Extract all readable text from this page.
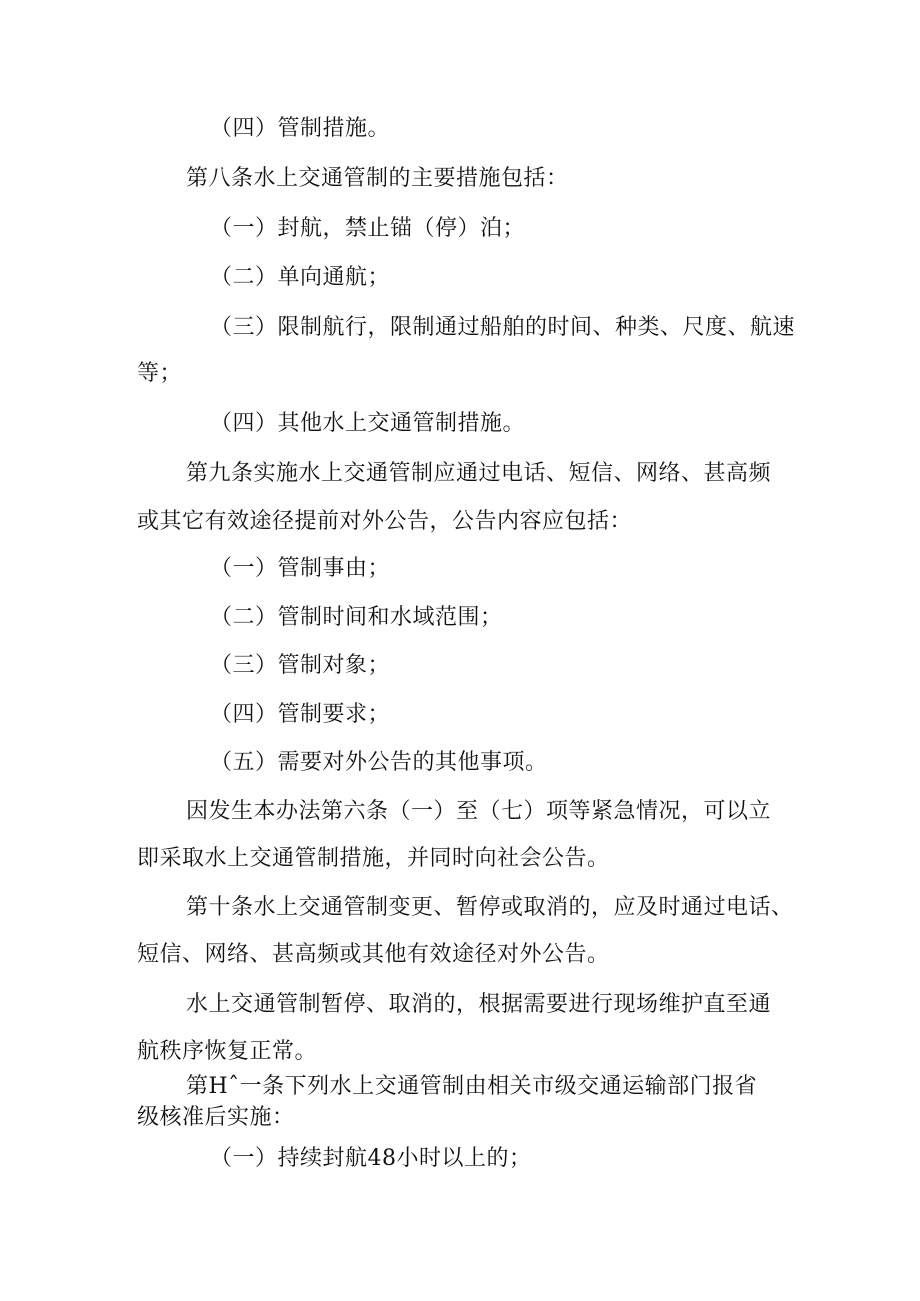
（四）管制措施。
第八条水上交通管制的主要措施包括：
（一）封航，禁止锚（停）泊；
（二）单向通航；
（三）限制航行，限制通过船舶的时间、种类、尺度、航速
等；
（四）其他水上交通管制措施。
第九条实施水上交通管制应通过电话、短信、网络、甚高频
或其它有效途径提前对外公告，公告内容应包括：
（一）管制事由；
（二）管制时间和水域范围；
（三）管制对象；
（四）管制要求；
（五）需要对外公告的其他事项。
因发生本办法第六条（一）至（七）项等紧急情况，可以立
即采取水上交通管制措施，并同时向社会公告。
第十条水上交通管制变更、暂停或取消的，应及时通过电话、
短信、网络、甚高频或其他有效途径对外公告。
水上交通管制暂停、取消的，根据需要进行现场维护直至通
航秩序恢复正常。
第Hˆ一条下列水上交通管制由相关市级交通运输部门报省
级核准后实施：
（一）持续封航48小时以上的；
